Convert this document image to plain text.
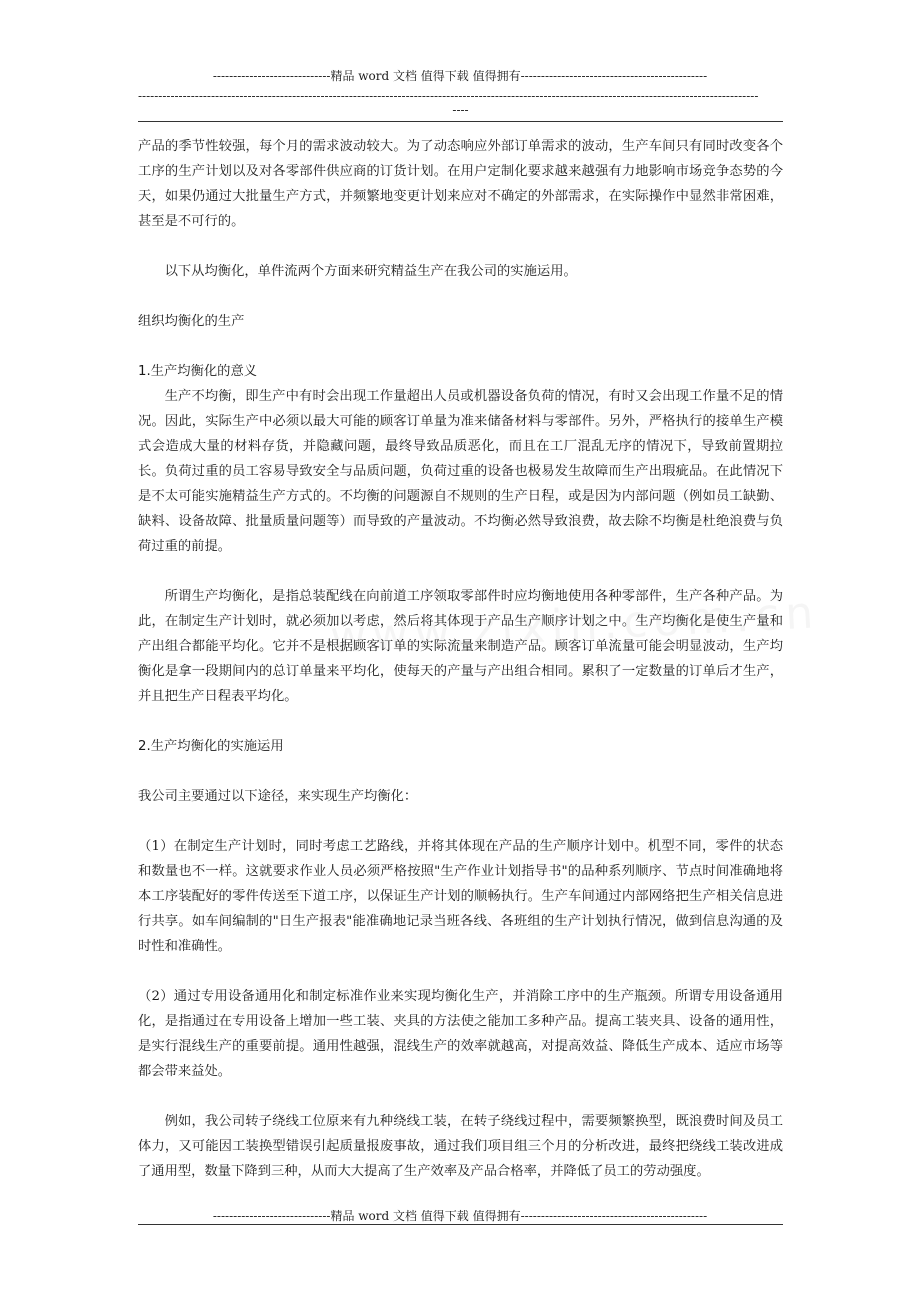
-----------------------------精品 word 文档 值得下载 值得拥有----------------------------------------------
---------------------------------------------------------------------------------------------------------------------------------------------------------
----

产品的季节性较强，每个月的需求波动较大。为了动态响应外部订单需求的波动，生产车间只有同时改变各个工序的生产计划以及对各零部件供应商的订货计划。在用户定制化要求越来越强有力地影响市场竞争态势的今天，如果仍通过大批量生产方式，并频繁地变更计划来应对不确定的外部需求，在实际操作中显然非常困难，甚至是不可行的。

以下从均衡化，单件流两个方面来研究精益生产在我公司的实施运用。

组织均衡化的生产

1.生产均衡化的意义

生产不均衡，即生产中有时会出现工作量超出人员或机器设备负荷的情况，有时又会出现工作量不足的情况。因此，实际生产中必须以最大可能的顾客订单量为准来储备材料与零部件。另外，严格执行的接单生产模式会造成大量的材料存货，并隐藏问题，最终导致品质恶化，而且在工厂混乱无序的情况下，导致前置期拉长。负荷过重的员工容易导致安全与品质问题，负荷过重的设备也极易发生故障而生产出瑕疵品。在此情况下是不太可能实施精益生产方式的。不均衡的问题源自不规则的生产日程，或是因为内部问题（例如员工缺勤、缺料、设备故障、批量质量问题等）而导致的产量波动。不均衡必然导致浪费，故去除不均衡是杜绝浪费与负荷过重的前提。

所谓生产均衡化，是指总装配线在向前道工序领取零部件时应均衡地使用各种零部件，生产各种产品。为此，在制定生产计划时，就必须加以考虑，然后将其体现于产品生产顺序计划之中。生产均衡化是使生产量和产出组合都能平均化。它并不是根据顾客订单的实际流量来制造产品。顾客订单流量可能会明显波动，生产均衡化是拿一段期间内的总订单量来平均化，使每天的产量与产出组合相同。累积了一定数量的订单后才生产，并且把生产日程表平均化。

2.生产均衡化的实施运用

我公司主要通过以下途径，来实现生产均衡化：

（1）在制定生产计划时，同时考虑工艺路线，并将其体现在产品的生产顺序计划中。机型不同，零件的状态和数量也不一样。这就要求作业人员必须严格按照"生产作业计划指导书"的品种系列顺序、节点时间准确地将本工序装配好的零件传送至下道工序，以保证生产计划的顺畅执行。生产车间通过内部网络把生产相关信息进行共享。如车间编制的"日生产报表"能准确地记录当班各线、各班组的生产计划执行情况，做到信息沟通的及时性和准确性。

（2）通过专用设备通用化和制定标准作业来实现均衡化生产，并消除工序中的生产瓶颈。所谓专用设备通用化，是指通过在专用设备上增加一些工装、夹具的方法使之能加工多种产品。提高工装夹具、设备的通用性，是实行混线生产的重要前提。通用性越强，混线生产的效率就越高，对提高效益、降低生产成本、适应市场等都会带来益处。

例如，我公司转子绕线工位原来有九种绕线工装，在转子绕线过程中，需要频繁换型，既浪费时间及员工体力，又可能因工装换型错误引起质量报废事故，通过我们项目组三个月的分析改进，最终把绕线工装改进成了通用型，数量下降到三种，从而大大提高了生产效率及产品合格率，并降低了员工的劳动强度。

-----------------------------精品 word 文档 值得下载 值得拥有----------------------------------------------
